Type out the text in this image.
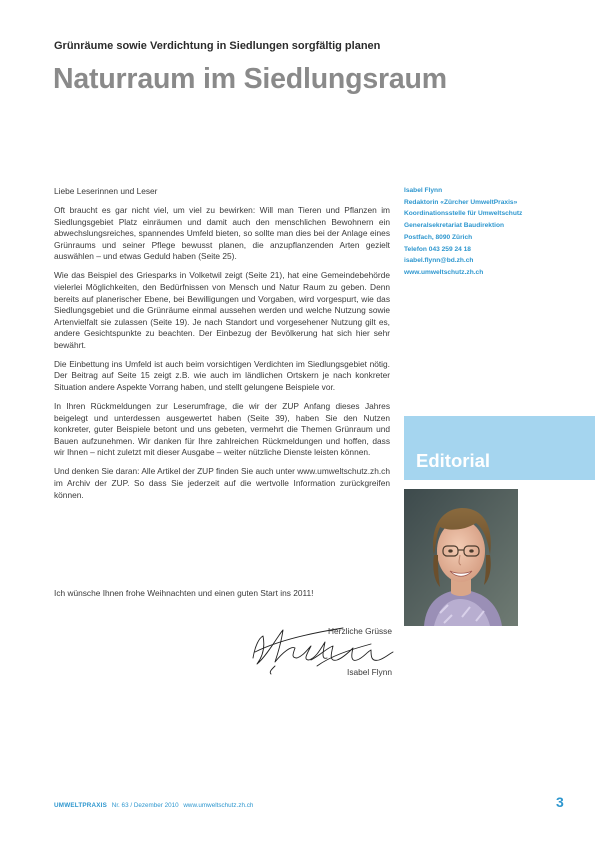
Grünräume sowie Verdichtung in Siedlungen sorgfältig planen
Naturraum im Siedlungsraum

Liebe Leserinnen und Leser

Oft braucht es gar nicht viel, um viel zu bewirken: Will man Tieren und Pflanzen im Siedlungsgebiet Platz einräumen und damit auch den menschlichen Bewohnern ein abwechslungsreiches, spannendes Umfeld bieten, so sollte man dies bei der Anlage eines Grünraums und seiner Pflege bewusst planen, die anzupflanzenden Arten gezielt auswählen – und etwas Geduld haben (Seite 25).

Wie das Beispiel des Griesparks in Volketwil zeigt (Seite 21), hat eine Gemeindebehörde vielerlei Möglichkeiten, den Bedürfnissen von Mensch und Natur Raum zu geben. Denn bereits auf planerischer Ebene, bei Bewilligungen und Vorgaben, wird vorgespurt, wie das Siedlungsgebiet und die Grünräume einmal aussehen werden und welche Nutzung sowie Artenvielfalt sie zulassen (Seite 19). Je nach Standort und vorgesehener Nutzung gilt es, andere Gesichtspunkte zu beachten. Der Einbezug der Bevölkerung hat sich hier sehr bewährt.

Die Einbettung ins Umfeld ist auch beim vorsichtigen Verdichten im Siedlungsgebiet nötig. Der Beitrag auf Seite 15 zeigt z.B. wie auch im ländlichen Ortskern je nach konkreter Situation andere Aspekte Vorrang haben, und stellt gelungene Beispiele vor.

In Ihren Rückmeldungen zur Leserumfrage, die wir der ZUP Anfang dieses Jahres beigelegt und unterdessen ausgewertet haben (Seite 39), haben Sie den Nutzen konkreter, guter Beispiele betont und uns gebeten, vermehrt die Themen Grünraum und Bauen aufzunehmen. Wir danken für Ihre zahlreichen Rückmeldungen und hoffen, dass wir Ihnen – nicht zuletzt mit dieser Ausgabe – weiter nützliche Dienste leisten können.

Und denken Sie daran: Alle Artikel der ZUP finden Sie auch unter www.umweltschutz.zh.ch im Archiv der ZUP. So dass Sie jederzeit auf die wertvolle Information zurückgreifen können.

Ich wünsche Ihnen frohe Weihnachten und einen guten Start ins 2011!
Herzliche Grüsse
Isabel Flynn
Isabel Flynn
Redaktorin «Zürcher UmweltPraxis»
Koordinationsstelle für Umweltschutz
Generalsekretariat Baudirektion
Postfach, 8090 Zürich
Telefon 043 259 24 18
isabel.flynn@bd.zh.ch
www.umweltschutz.zh.ch
Editorial
UMWELTPRAXIS Nr. 63 / Dezember 2010 www.umweltschutz.zh.ch	3
